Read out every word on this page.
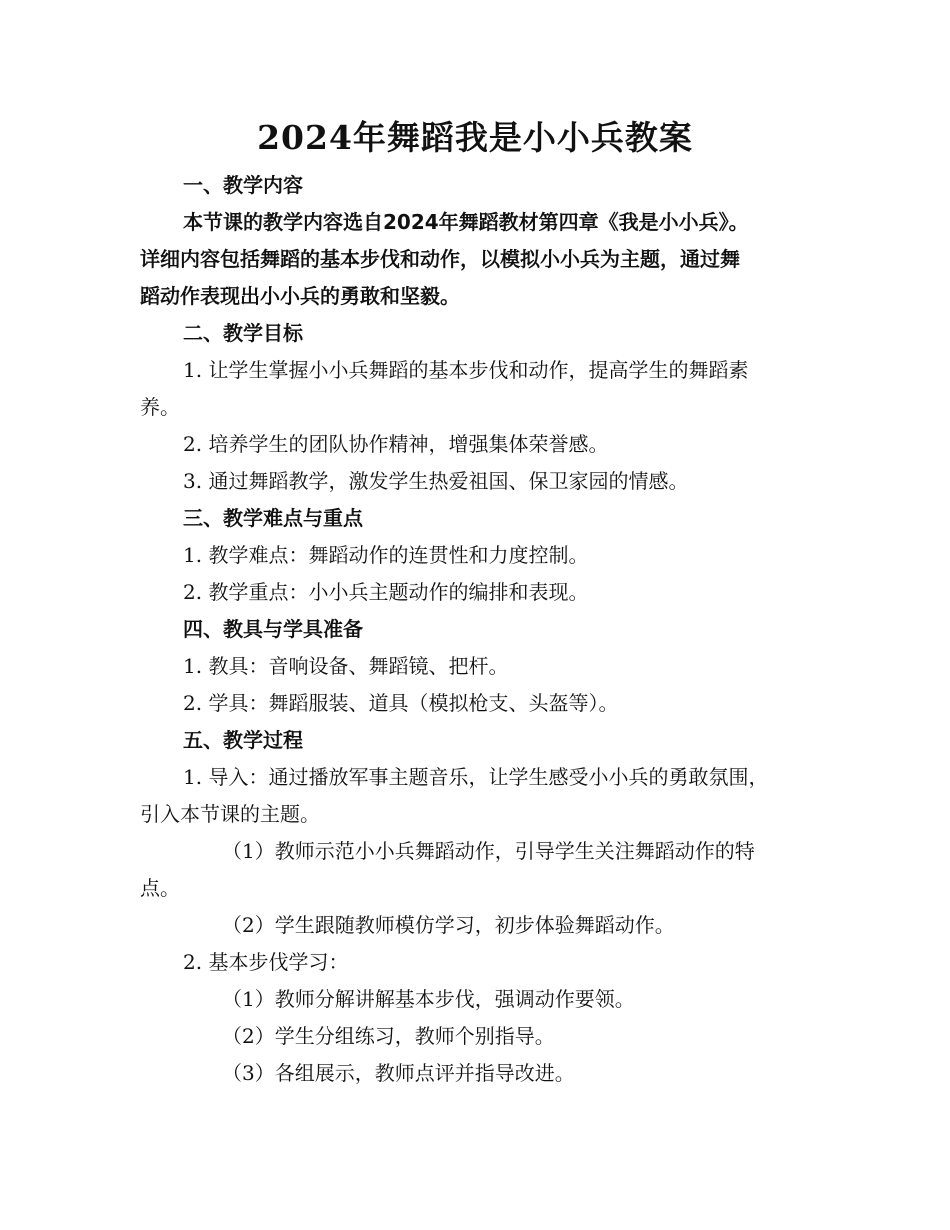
2024年舞蹈我是小小兵教案
一、教学内容
本节课的教学内容选自2024年舞蹈教材第四章《我是小小兵》。
详细内容包括舞蹈的基本步伐和动作，以模拟小小兵为主题，通过舞
蹈动作表现出小小兵的勇敢和坚毅。
二、教学目标
1. 让学生掌握小小兵舞蹈的基本步伐和动作，提高学生的舞蹈素
养。
2. 培养学生的团队协作精神，增强集体荣誉感。
3. 通过舞蹈教学，激发学生热爱祖国、保卫家园的情感。
三、教学难点与重点
1. 教学难点：舞蹈动作的连贯性和力度控制。
2. 教学重点：小小兵主题动作的编排和表现。
四、教具与学具准备
1. 教具：音响设备、舞蹈镜、把杆。
2. 学具：舞蹈服装、道具（模拟枪支、头盔等）。
五、教学过程
1. 导入：通过播放军事主题音乐，让学生感受小小兵的勇敢氛围，
引入本节课的主题。
（1）教师示范小小兵舞蹈动作，引导学生关注舞蹈动作的特
点。
（2）学生跟随教师模仿学习，初步体验舞蹈动作。
2. 基本步伐学习：
（1）教师分解讲解基本步伐，强调动作要领。
（2）学生分组练习，教师个别指导。
（3）各组展示，教师点评并指导改进。
